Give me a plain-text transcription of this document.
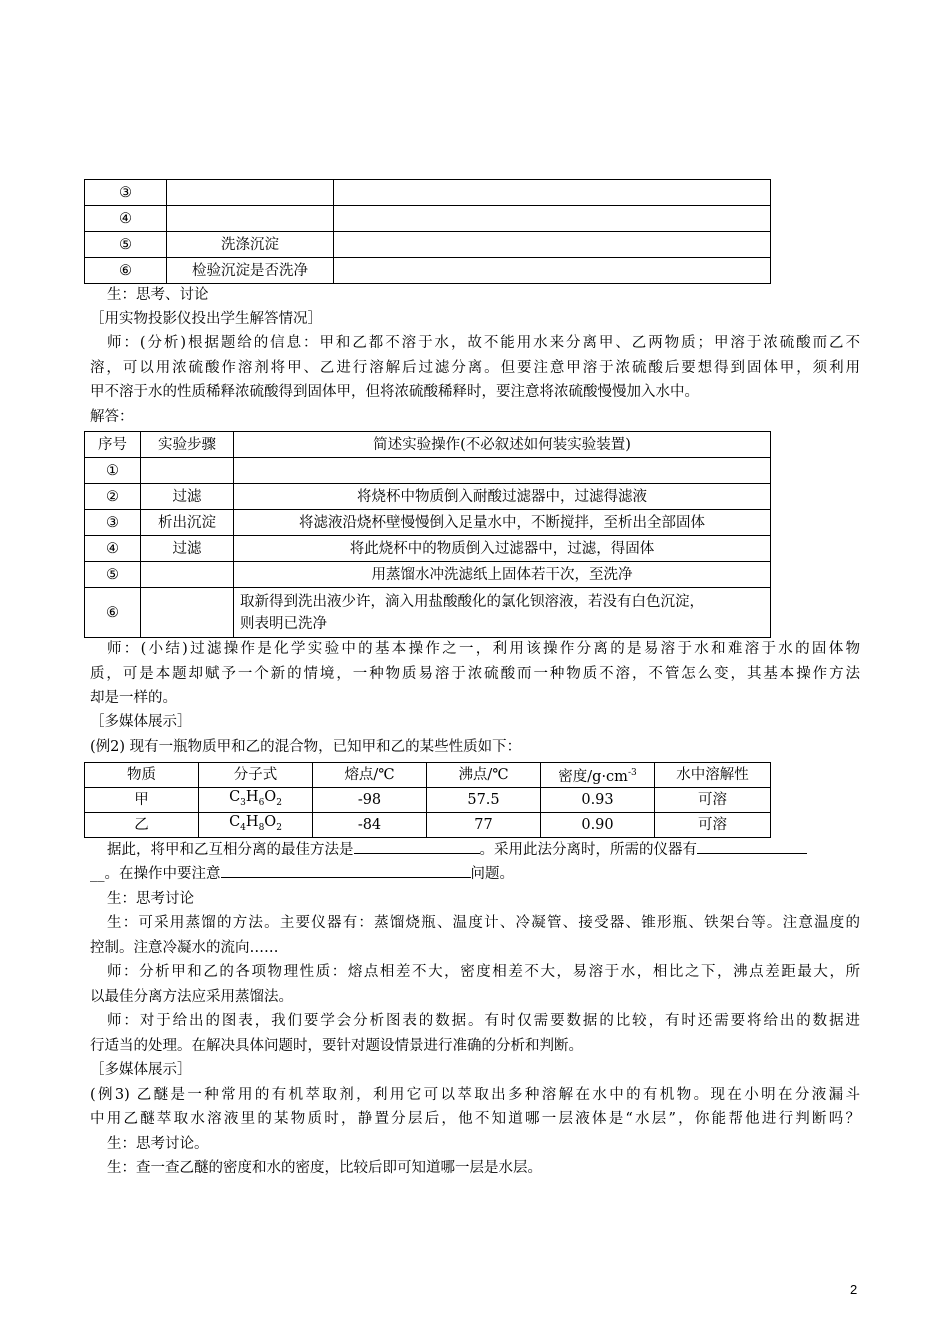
③		
④		
⑤	洗涤沉淀	
⑥	检验沉淀是否洗净	
生：思考、讨论
［用实物投影仪投出学生解答情况］
师：(分析)根据题给的信息：甲和乙都不溶于水，故不能用水来分离甲、乙两物质；甲溶于浓硫酸而乙不
溶，可以用浓硫酸作溶剂将甲、乙进行溶解后过滤分离。但要注意甲溶于浓硫酸后要想得到固体甲，须利用
甲不溶于水的性质稀释浓硫酸得到固体甲，但将浓硫酸稀释时，要注意将浓硫酸慢慢加入水中。
解答：
序号	实验步骤	简述实验操作(不必叙述如何装实验装置)
①		
②	过滤	将烧杯中物质倒入耐酸过滤器中，过滤得滤液
③	析出沉淀	将滤液沿烧杯壁慢慢倒入足量水中，不断搅拌，至析出全部固体
④	过滤	将此烧杯中的物质倒入过滤器中，过滤，得固体
⑤		用蒸馏水冲洗滤纸上固体若干次，至洗净
⑥		取新得到洗出液少许，滴入用盐酸酸化的氯化钡溶液，若没有白色沉淀，
则表明已洗净
师：(小结)过滤操作是化学实验中的基本操作之一，利用该操作分离的是易溶于水和难溶于水的固体物
质，可是本题却赋予一个新的情境，一种物质易溶于浓硫酸而一种物质不溶，不管怎么变，其基本操作方法
却是一样的。
［多媒体展示］
(例2) 现有一瓶物质甲和乙的混合物，已知甲和乙的某些性质如下：
物质	分子式	熔点/℃	沸点/℃	密度$/g\cdot cm^{-3}$	水中溶解性
甲	$C_3H_6O_2$	-98	57.5	0.93	可溶
乙	$C_4H_8O_2$	-84	77	0.90	可溶
据此，将甲和乙互相分离的最佳方法是	。采用此法分离时，所需的仪器有
__。在操作中要注意	问题。
生：思考讨论
生：可采用蒸馏的方法。主要仪器有：蒸馏烧瓶、温度计、冷凝管、接受器、锥形瓶、铁架台等。注意温度的
控制。注意冷凝水的流向……
师：分析甲和乙的各项物理性质：熔点相差不大，密度相差不大，易溶于水，相比之下，沸点差距最大，所
以最佳分离方法应采用蒸馏法。
师：对于给出的图表，我们要学会分析图表的数据。有时仅需要数据的比较，有时还需要将给出的数据进
行适当的处理。在解决具体问题时，要针对题设情景进行准确的分析和判断。
［多媒体展示］
(例3) 乙醚是一种常用的有机萃取剂，利用它可以萃取出多种溶解在水中的有机物。现在小明在分液漏斗
中用乙醚萃取水溶液里的某物质时，静置分层后，他不知道哪一层液体是“水层”，你能帮他进行判断吗？
生：思考讨论。
生：查一查乙醚的密度和水的密度，比较后即可知道哪一层是水层。
2
